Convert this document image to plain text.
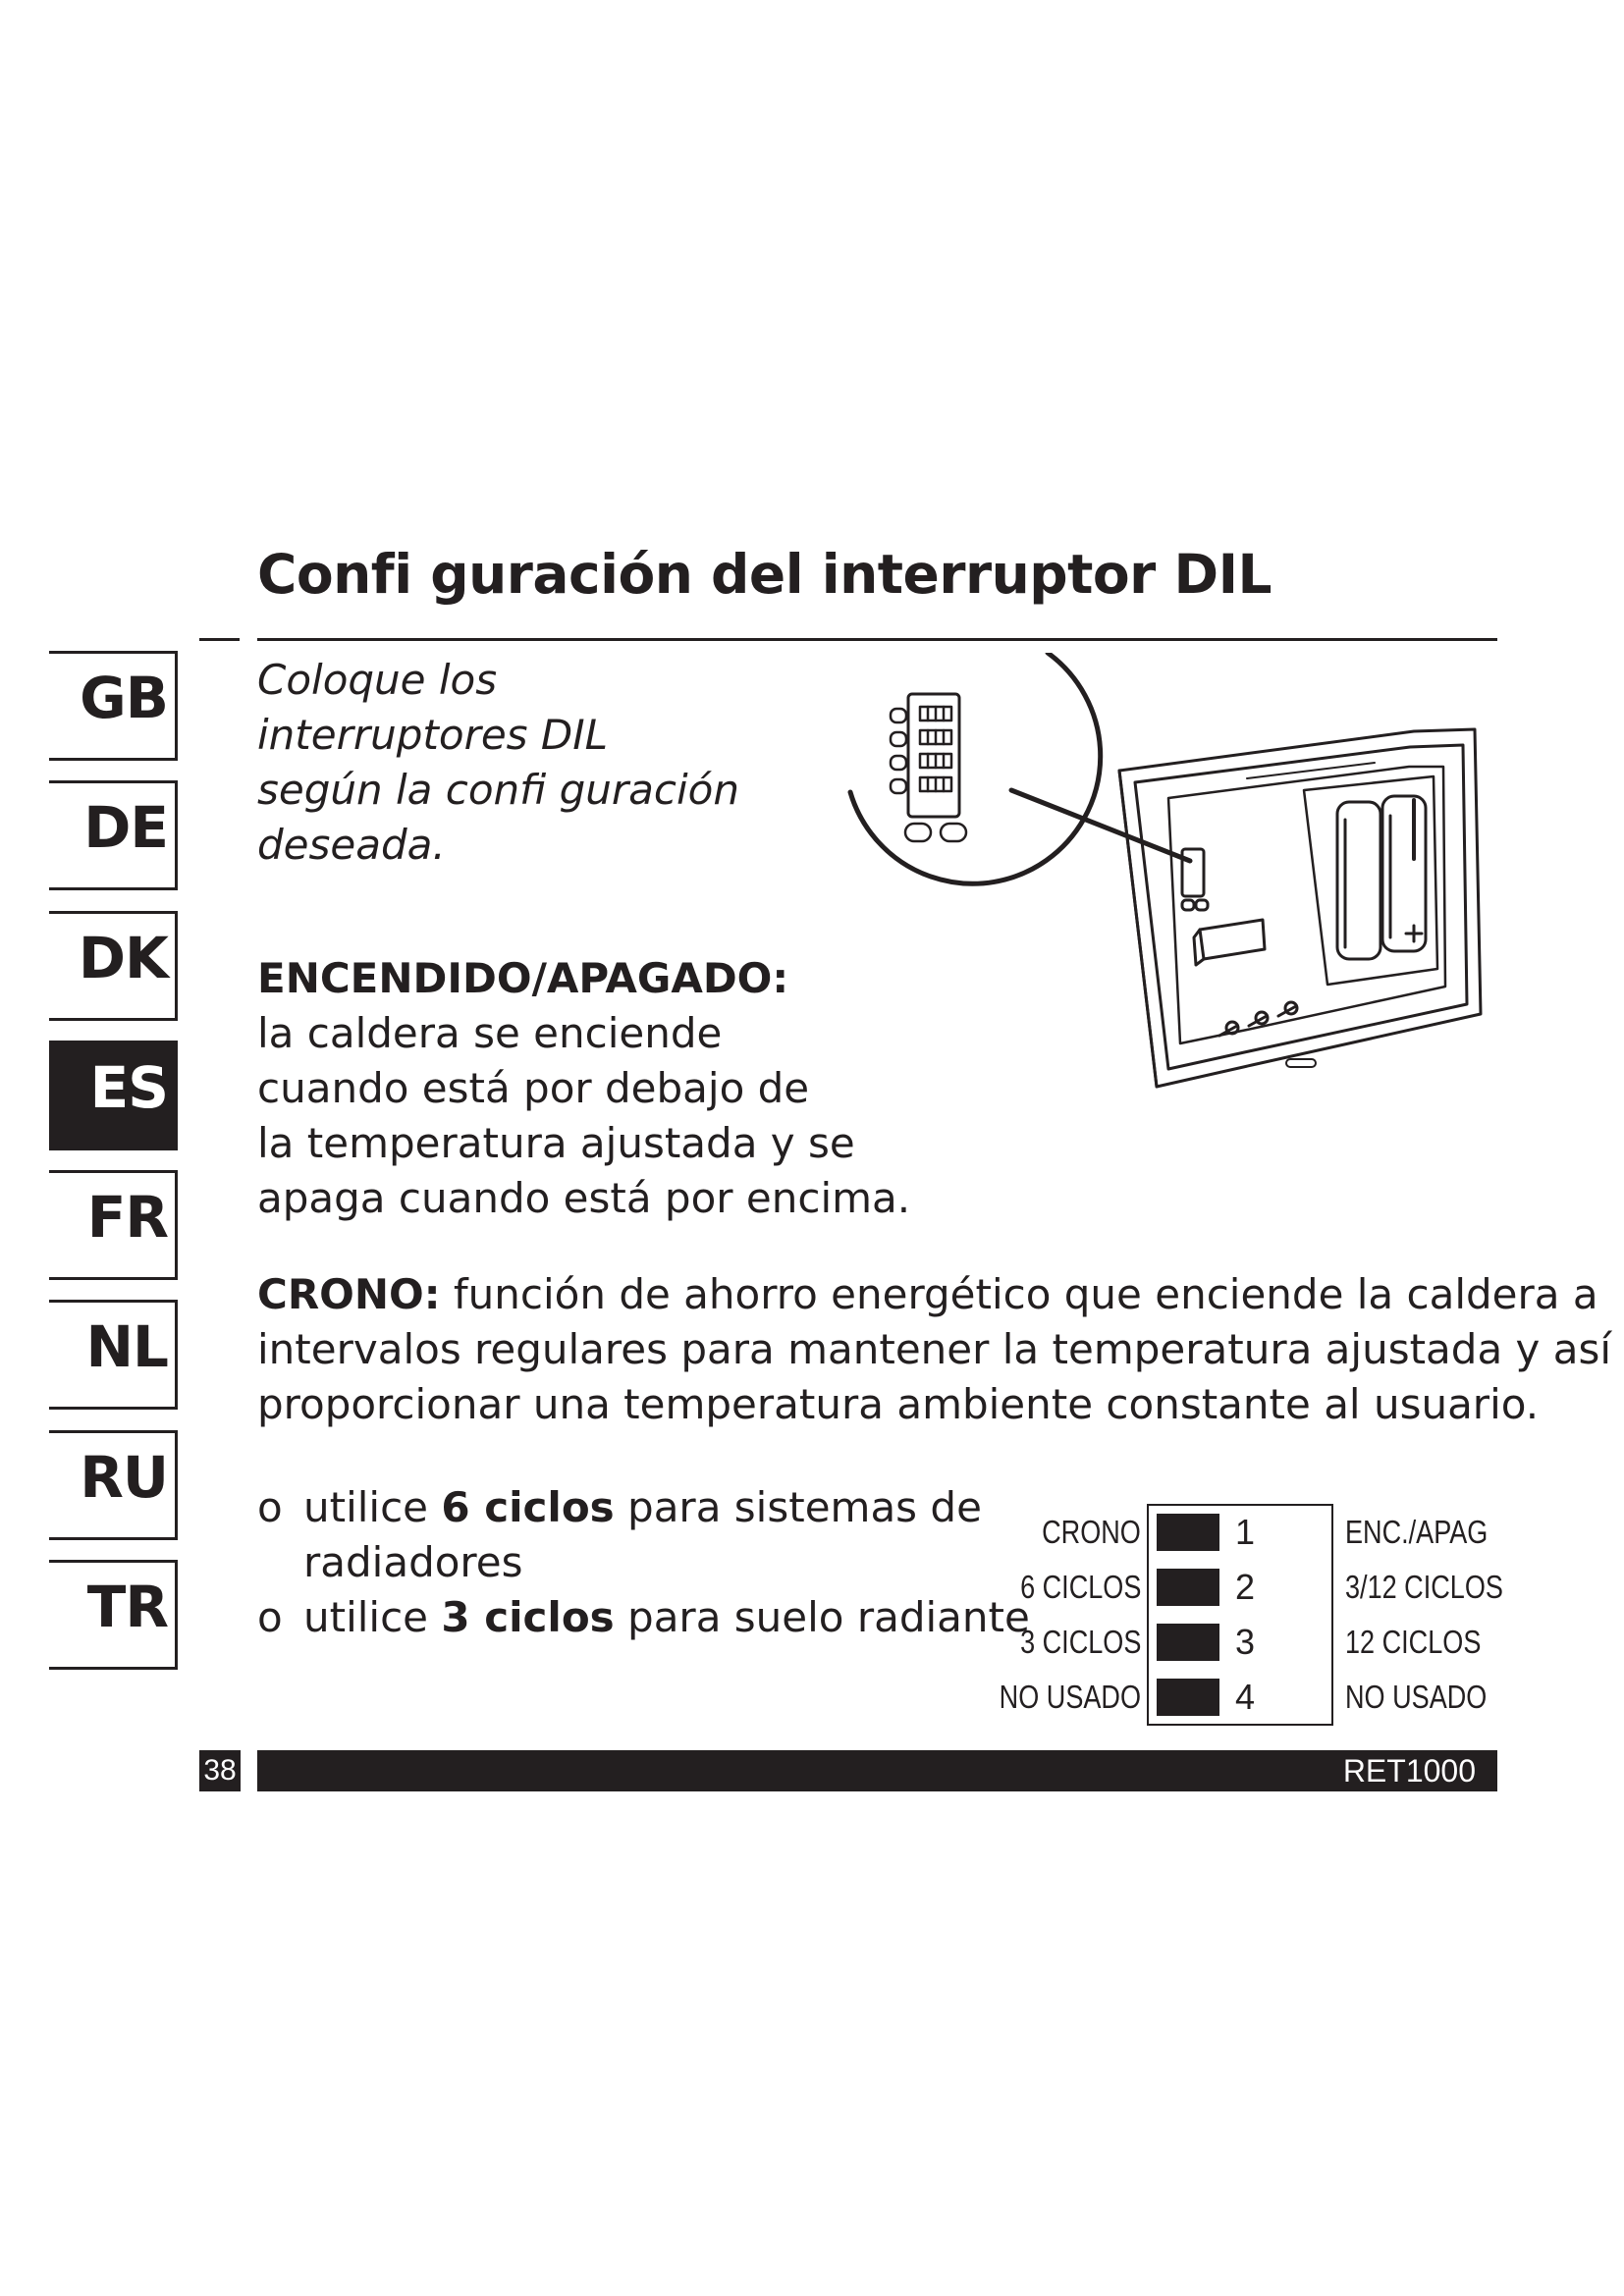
Confi guración del interruptor DIL
GB
DE
DK
ES
FR
NL
RU
TR
Coloque los
interruptores DIL
según la confi guración
deseada.
ENCENDIDO/APAGADO:
la caldera se enciende
cuando está por debajo de
la temperatura ajustada y se
apaga cuando está por encima.
CRONO: función de ahorro energético que enciende la caldera a
intervalos regulares para mantener la temperatura ajustada y así
proporcionar una temperatura ambiente constante al usuario.
o utilice 6 ciclos para sistemas de
radiadores
o utilice 3 ciclos para suelo radiante
CRONO	1	ENC./APAG
6 CICLOS	2	3/12 CICLOS
3 CICLOS	3	12 CICLOS
NO USADO	4	NO USADO
38	RET1000
